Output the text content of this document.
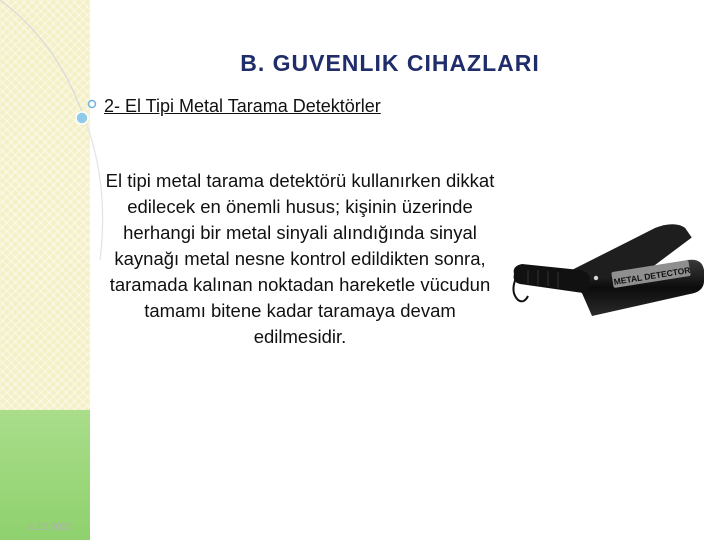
4.12.2020
B. GUVENLIK CIHAZLARI
2- El Tipi Metal Tarama Detektörler
El tipi metal tarama detektörü kullanırken dikkat edilecek en önemli husus; kişinin üzerinde herhangi bir metal sinyali alındığında sinyal kaynağı metal nesne kontrol edildikten sonra, taramada kalınan noktadan hareketle vücudun tamamı bitene kadar taramaya devam edilmesidir.
METAL DETECTOR
